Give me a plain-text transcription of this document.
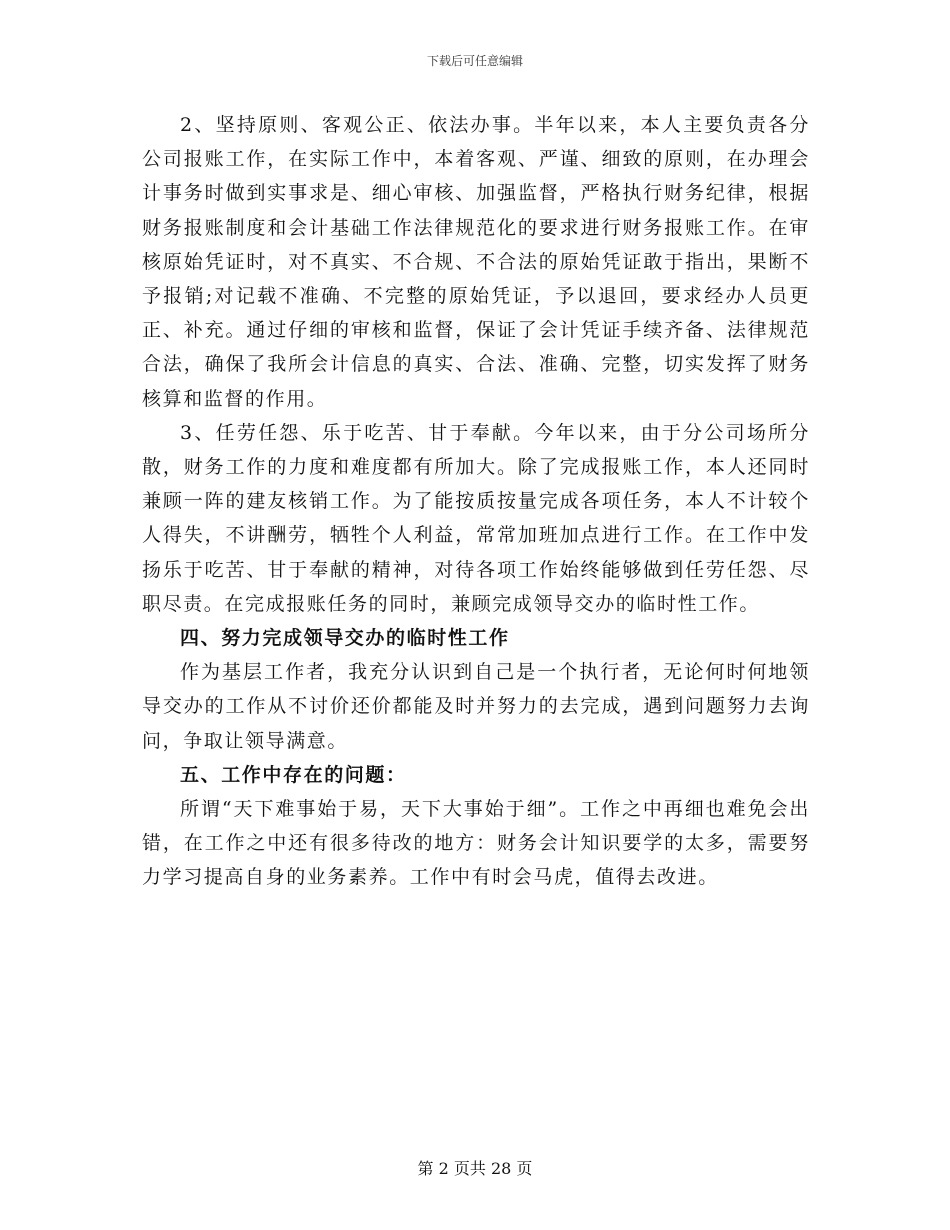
下载后可任意编辑

2、坚持原则、客观公正、依法办事。半年以来，本人主要负责各分公司报账工作，在实际工作中，本着客观、严谨、细致的原则，在办理会计事务时做到实事求是、细心审核、加强监督，严格执行财务纪律，根据财务报账制度和会计基础工作法律规范化的要求进行财务报账工作。在审核原始凭证时，对不真实、不合规、不合法的原始凭证敢于指出，果断不予报销;对记载不准确、不完整的原始凭证，予以退回，要求经办人员更正、补充。通过仔细的审核和监督，保证了会计凭证手续齐备、法律规范合法，确保了我所会计信息的真实、合法、准确、完整，切实发挥了财务核算和监督的作用。

3、任劳任怨、乐于吃苦、甘于奉献。今年以来，由于分公司场所分散，财务工作的力度和难度都有所加大。除了完成报账工作，本人还同时兼顾一阵的建友核销工作。为了能按质按量完成各项任务，本人不计较个人得失，不讲酬劳，牺牲个人利益，常常加班加点进行工作。在工作中发扬乐于吃苦、甘于奉献的精神，对待各项工作始终能够做到任劳任怨、尽职尽责。在完成报账任务的同时，兼顾完成领导交办的临时性工作。

四、努力完成领导交办的临时性工作

作为基层工作者，我充分认识到自己是一个执行者，无论何时何地领导交办的工作从不讨价还价都能及时并努力的去完成，遇到问题努力去询问，争取让领导满意。

五、工作中存在的问题：

所谓“天下难事始于易，天下大事始于细”。工作之中再细也难免会出错，在工作之中还有很多待改的地方：财务会计知识要学的太多，需要努力学习提高自身的业务素养。工作中有时会马虎，值得去改进。

第 2 页共 28 页
